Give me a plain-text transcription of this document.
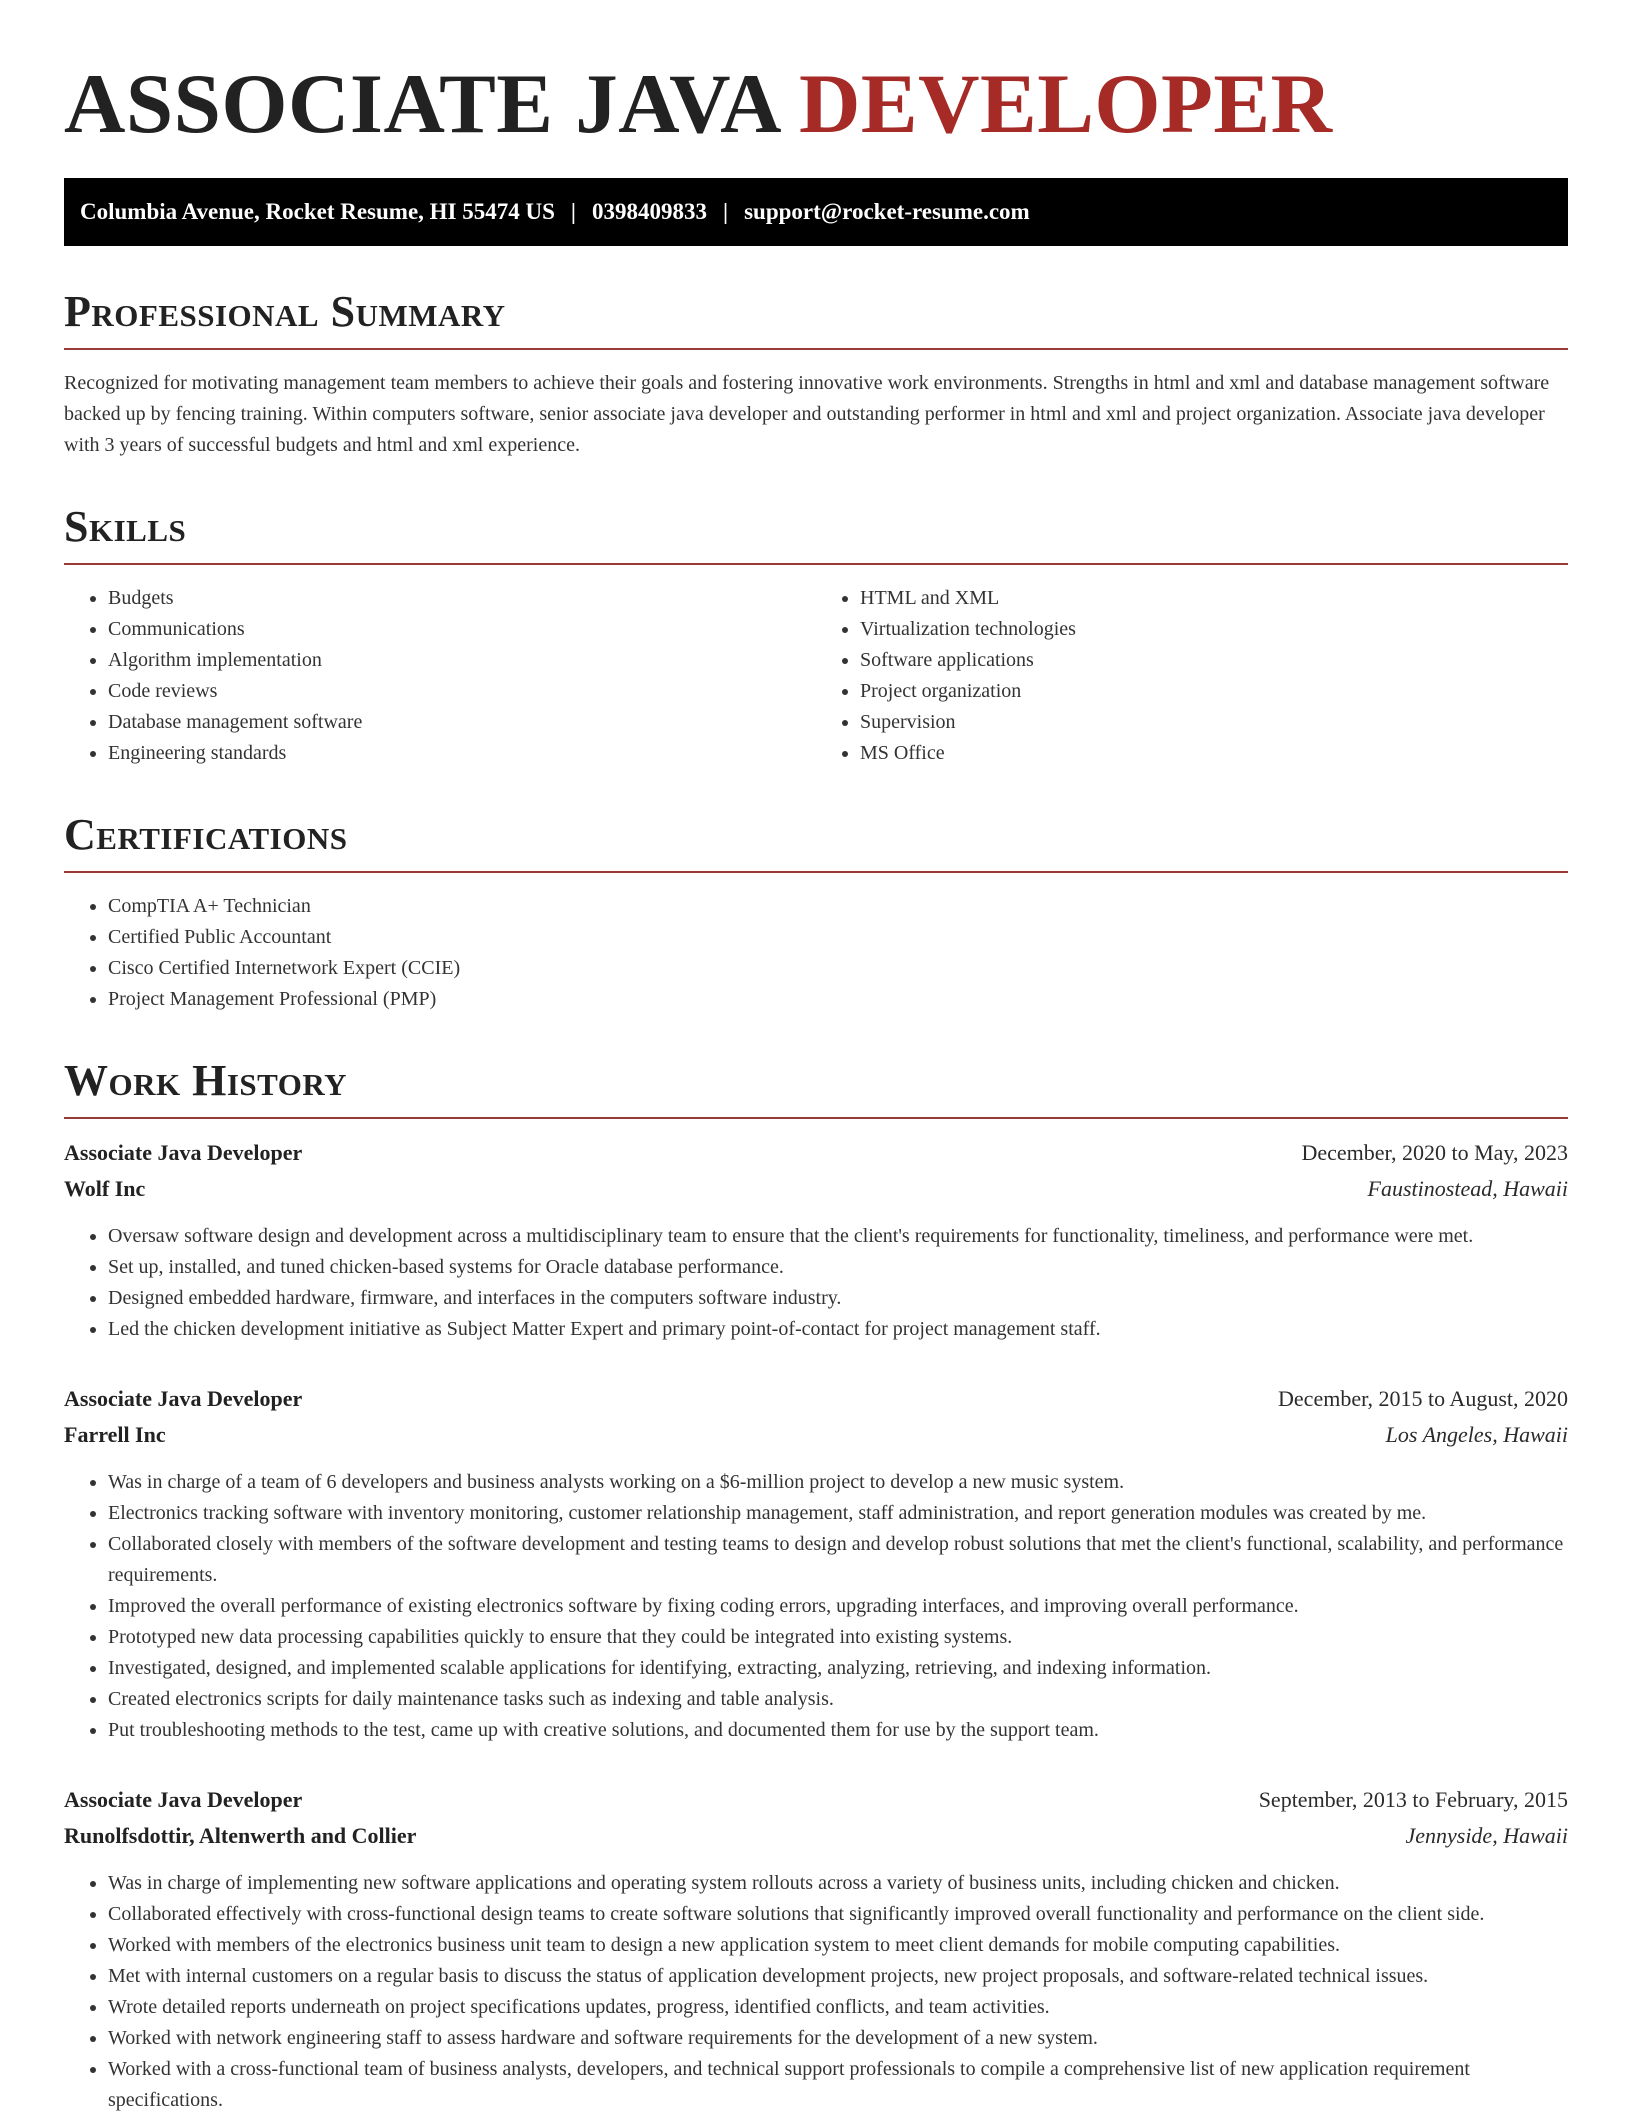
ASSOCIATE JAVA DEVELOPER
Columbia Avenue, Rocket Resume, HI 55474 US | 0398409833 | support@rocket-resume.com
Professional Summary

Recognized for motivating management team members to achieve their goals and fostering innovative work environments. Strengths in html and xml and database management software backed up by fencing training. Within computers software, senior associate java developer and outstanding performer in html and xml and project organization. Associate java developer with 3 years of successful budgets and html and xml experience.

Skills
• Budgets
• Communications
• Algorithm implementation
• Code reviews
• Database management software
• Engineering standards
• HTML and XML
• Virtualization technologies
• Software applications
• Project organization
• Supervision
• MS Office
Certifications
• CompTIA A+ Technician
• Certified Public Accountant
• Cisco Certified Internetwork Expert (CCIE)
• Project Management Professional (PMP)
Work History
Associate Java Developer	December, 2020 to May, 2023
Wolf Inc	Faustinostead, Hawaii
• Oversaw software design and development across a multidisciplinary team to ensure that the client's requirements for functionality, timeliness, and performance were met.
• Set up, installed, and tuned chicken-based systems for Oracle database performance.
• Designed embedded hardware, firmware, and interfaces in the computers software industry.
• Led the chicken development initiative as Subject Matter Expert and primary point-of-contact for project management staff.
Associate Java Developer	December, 2015 to August, 2020
Farrell Inc	Los Angeles, Hawaii
• Was in charge of a team of 6 developers and business analysts working on a $6-million project to develop a new music system.
• Electronics tracking software with inventory monitoring, customer relationship management, staff administration, and report generation modules was created by me.
• Collaborated closely with members of the software development and testing teams to design and develop robust solutions that met the client's functional, scalability, and performance requirements.
• Improved the overall performance of existing electronics software by fixing coding errors, upgrading interfaces, and improving overall performance.
• Prototyped new data processing capabilities quickly to ensure that they could be integrated into existing systems.
• Investigated, designed, and implemented scalable applications for identifying, extracting, analyzing, retrieving, and indexing information.
• Created electronics scripts for daily maintenance tasks such as indexing and table analysis.
• Put troubleshooting methods to the test, came up with creative solutions, and documented them for use by the support team.
Associate Java Developer	September, 2013 to February, 2015
Runolfsdottir, Altenwerth and Collier	Jennyside, Hawaii
• Was in charge of implementing new software applications and operating system rollouts across a variety of business units, including chicken and chicken.
• Collaborated effectively with cross-functional design teams to create software solutions that significantly improved overall functionality and performance on the client side.
• Worked with members of the electronics business unit team to design a new application system to meet client demands for mobile computing capabilities.
• Met with internal customers on a regular basis to discuss the status of application development projects, new project proposals, and software-related technical issues.
• Wrote detailed reports underneath on project specifications updates, progress, identified conflicts, and team activities.
• Worked with network engineering staff to assess hardware and software requirements for the development of a new system.
• Worked with a cross-functional team of business analysts, developers, and technical support professionals to compile a comprehensive list of new application requirement specifications.
